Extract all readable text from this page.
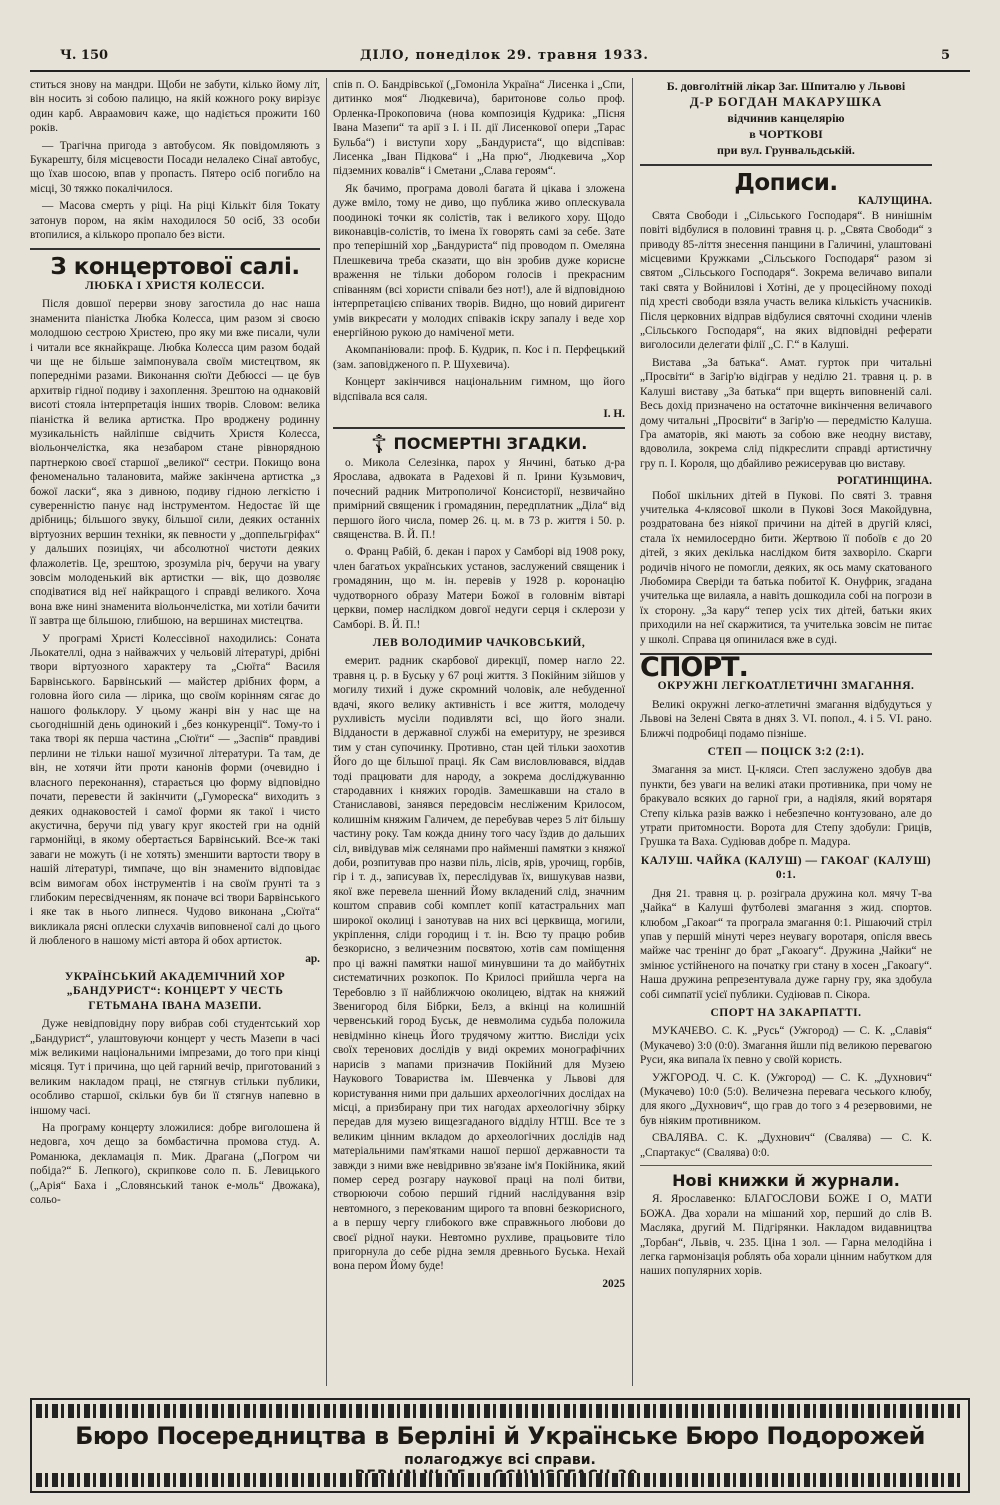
Ч. 150	ДІЛО, понеділок 29. травня 1933.	5

ститься знову на мандри. Щоби не забути, кілько йому літ, він носить зі собою палицю, на якій кожного року вирізує один карб. Авраамович каже, що надіється прожити 160 років.

— Трагічна пригода з автобусом. Як повідомляють з Букарешту, біля місцевости Посади нелалеко Сінаї автобус, що їхав шосою, впав у пропасть. Пятеро осіб погибло на місці, 30 тяжко покалічилося.

— Масова смерть у ріці. На ріці Кількіт біля Токату затонув пором, на якім находилося 50 осіб, 33 особи втопилися, а кількоро пропало без вісти.

З концертової салі.
ЛЮБКА І ХРИСТЯ КОЛЕССИ.

Після довшої перерви знову загостила до нас наша знаменита піаністка Любка Колесса, цим разом зі своєю молодшою сестрою Христею, про яку ми вже писали, чули і читали все якнайкраще. Любка Колесса цим разом бодай чи ще не більше заімпонувала своїм мистецтвом, як попередніми разами. Виконання сюїти Дебюссі — це був архитвір гідної подиву і захоплення. Зрештою на однаковій висоті стояла інтерпретація інших творів. Словом: велика піаністка й велика артистка. Про вроджену родинну музикальність найліпше свідчить Христя Колесса, віольончелістка, яка незабаром стане рівнорядною партнеркою своєї старшої „великої“ сестри. Покищо вона феноменально талановита, майже закінчена артистка „з божої ласки“, яка з дивною, подиву гідною легкістю і суверенністю панує над інструментом. Недостає їй ще дрібниць; більшого звуку, більшої сили, деяких останніх віртуозних вершин техніки, як певности у „доппельгріфах“ у дальших позиціях, чи абсолютної чистоти деяких флажолетів. Це, зрештою, зрозуміла річ, беручи на увагу зовсім молоденький вік артистки — вік, що дозволяє сподіватися від неї найкращого і справді великого. Хоча вона вже нині знаменита віольончелістка, ми хотіли бачити її завтра ще більшою, глибшою, на вершинах мистецтва.

У програмі Христі Колессівної находились: Соната Льокателлі, одна з найважчих у чельовій літературі, дрібні твори віртуозного характеру та „Сюїта“ Василя Барвінського. Барвінський — майстер дрібних форм, а головна його сила — лірика, що своїм корінням сягає до нашого фольклору. У цьому жанрі він у нас ще на сьогоднішній день одинокий і „без конкуренції“. Тому-то і така творі як перша частина „Сюїти“ — „Заспів“ правдиві перлини не тільки нашої музичної літератури. Та там, де він, не хотячи йти проти канонів форми (очевидно і власного переконання), старається цю форму відповідно почати, перевести й закінчити („Гумореска“ виходить з деяких однаковостей і самої форми як такої і чисто акустична, беручи під увагу круг якостей гри на одній гармонійці, в якому обертається Барвінський. Все-ж такі заваги не можуть (і не хотять) зменшити вартости твору в нашій літературі, тимпаче, що він знаменито відповідає всім вимогам обох інструментів і на своїм ґрунті та з глибоким пересвідченням, як поначе всі твори Барвінського і яке так в нього липнеся. Чудово виконана „Сюїта“ викликала рясні оплески слухачів виповненої салі до цього й любленого в нашому місті автора й обох артисток.

ар.
УКРАЇНСЬКИЙ АКАДЕМІЧНИЙ ХОР „БАНДУРИСТ“: КОНЦЕРТ У ЧЕСТЬ ГЕТЬМАНА ІВАНА МАЗЕПИ.

Дуже невідповідну пору вибрав собі студентський хор „Бандурист“, улаштовуючи концерт у честь Мазепи в часі між великими національними імпрезами, до того при кінці місяця. Тут і причина, що цей гарний вечір, приготований з великим накладом праці, не стягнув стільки публики, особливо старшої, скільки був би її стягнув напевно в іншому часі.

На програму концерту зложилися: добре виголошена й недовга, хоч дещо за бомбастична промова студ. А. Романюка, декламація п. Мик. Драгана („Погром чи побіда?“ Б. Лепкого), скрипкове соло п. Б. Левицького („Арія“ Баха і „Словянський танок е-моль“ Двожака), сольо-

спів п. О. Бандрівської („Гомоніла Україна“ Лисенка і „Спи, дитинко моя“ Людкевича), баритонове сольо проф. Орленка-Прокоповича (нова композиція Кудрика: „Пісня Івана Мазепи“ та арії з I. і II. дії Лисенкової опери „Тарас Бульба“) і виступи хору „Бандуриста“, що відспівав: Лисенка „Іван Підкова“ і „На прю“, Людкевича „Хор підземних ковалів“ і Сметани „Слава героям“.

Як бачимо, програма доволі багата й цікава і зложена дуже вміло, тому не диво, що публика живо оплескувала поодинокі точки як солістів, так і великого хору. Щодо виконавців-солістів, то імена їх говорять самі за себе. Зате про теперішній хор „Бандуриста“ під проводом п. Омеляна Плешкевича треба сказати, що він зробив дуже корисне враження не тільки добором голосів і прекрасним співанням (всі хористи співали без нот!), але й відповідною інтерпретацією співаних творів. Видно, що новий диригент умів викресати у молодих співаків іскру запалу і веде хор енергійною рукою до наміченої мети.

Акомпаніювали: проф. Б. Кудрик, п. Кос і п. Перфецький (зам. заповідженого п. Р. Шухевича).

Концерт закінчився національним гимном, що його відспівала вся саля.

І. Н.
☦ ПОСМЕРТНІ ЗГАДКИ.

о. Микола Селезінка, парох у Янчині, батько д-ра Ярослава, адвоката в Радехові й п. Ірини Кузьмович, почесний радник Митрополичої Консисторії, незвичайно примірний священик і громадянин, передплатник „Діла“ від першого його числа, помер 26. ц. м. в 73 р. життя і 50. р. священства. В. Й. П.!

о. Франц Рабій, б. декан і парох у Самборі від 1908 року, член багатьох українських установ, заслужений священик і громадянин, що м. ін. перевів у 1928 р. коронацію чудотворного образу Матери Божої в головнім вівтарі церкви, помер наслідком довгої недуги серця і склерози у Самборі. В. Й. П.!

ЛЕВ ВОЛОДИМИР ЧАЧКОВСЬКИЙ,

емерит. радник скарбової дирекції, помер нагло 22. травня ц. р. в Буську у 67 році життя. З Покійним зійшов у могилу тихий і дуже скромний чоловік, але небуденної вдачі, якого велику активність і все життя, молодечу рухливість мусіли подивляти всі, що його знали. Відданости в державної службі на емеритуру, не зрезився тим у стан супочинку. Противно, стан цей тільки заохотив Його до ще більшої праці. Як Сам висловлювався, віддав тоді працювати для народу, а зокрема досліджуванню стародавних і княжих городів. Замешкавши на стало в Станиславові, занявся передовсім несліженим Крилосом, колишнім княжим Галичем, де перебував через 5 літ більшу частину року. Там кожда днину того часу їздив до дальших сіл, вивідував між селянами про найменші памятки з княжої доби, розпитував про назви піль, лісів, ярів, урочищ, горбів, гір і т. д., записував їх, переслідував їх, вишукував назви, якої вже перевела шенний Йому вкладений слід, значним коштом справив собі комплет копії катастральних мап широкої околиці і занотував на них всі церквища, могили, укріплення, сліди городищ і т. ін. Всю ту працю робив безкорисно, з величезним посвятою, хотів сам поміщення про ці важні памятки нашої минувшини та до майбутніх систематичних розкопок. По Крилосі прийшла черга на Теребовлю з її найближчою околицею, відтак на княжий Звенигород біля Бібрки, Белз, а вкінці на колишній червенський город Буськ, де невмолима судьба положила невідмінно кінець Його трудячому життю. Висліди усіх своїх теренових дослідів у виді окремих монографічних нарисів з мапами призначив Покійний для Музею Наукового Товариства ім. Шевченка у Львові для користування ними при дальших археологічних дослідах на місці, а призбирану при тих нагодах археологічну збірку передав для музею вищезгаданого відділу НТШ. Все те з великим цінним вкладом до археологічних дослідів над матеріальними пам'ятками нашої першої державности та завжди з ними вже невідривно зв'язане ім'я Покійника, який помер серед розгару наукової праці на полі битви, створюючи собою перший гідний наслідування взір невтомного, з перекованим щирого та вповні безкорисного, а в першу чергу глибокого вже справжнього любови до своєї рідної науки. Невтомно рухливе, працьовите тіло пригорнула до себе рідна земля древнього Буська. Нехай вона пером Йому буде!

2025
Б. довголітній лікар Заг. Шпиталю у Львові
Д-Р БОГДАН МАКАРУШКА
відчинив канцелярію
в ЧОРТКОВІ
при вул. Грунвальдській.
Дописи.
КАЛУЩИНА.

Свята Свободи і „Сільського Господаря“. В нинішнім повіті відбулися в половині травня ц. р. „Свята Свободи“ з приводу 85-ліття знесення панщини в Галичині, улаштовані місцевими Кружками „Сільського Господаря“ разом зі святом „Сільського Господаря“. Зокрема величаво випали такі свята у Войнилові і Хотіні, де у процесійному поході під хресті свободи взяла участь велика кількість учасників. Після церковних відправ відбулися святочні сходини членів „Сільського Господаря“, на яких відповідні реферати виголосили делегати філії „С. Г.“ в Калуші.

Вистава „За батька“. Амат. гурток при читальні „Просвіти“ в Загір'ю відіграв у неділю 21. травня ц. р. в Калуші виставу „За батька“ при вщерть виповненій салі. Весь дохід призначено на остаточне викінчення величавого дому читальні „Просвіти“ в Загір'ю — передмістю Калуша. Гра аматорів, які мають за собою вже неодну виставу, вдоволила, зокрема слід підкреслити справді артистичну гру п. І. Короля, що дбайливо режисерував цю виставу.

РОГАТИНЩИНА.

Побої шкільних дітей в Пукові. По святі 3. травня учителька 4-клясової школи в Пукові Зося Макойдувна, роздратована без ніякої причини на дітей в другій клясі, стала їх немилосердно бити. Жертвою її побоїв є до 20 дітей, з яких декілька наслідком битя захворіло. Скарги родичів нічого не помогли, деяких, як ось маму скатованого Любомира Сверіди та батька побитої К. Онуфрик, згадана учителька ще вилаяла, а навіть дошкодила собі на погрози в їх сторону. „За кару“ тепер усіх тих дітей, батьки яких приходили на неї скаржитися, та учителька зовсім не питає у школі. Справа ця опинилася вже в суді.

СПОРТ.
ОКРУЖНІ ЛЕГКОАТЛЕТИЧНІ ЗМАГАННЯ.

Великі окружні легко-атлетичні змагання відбудуться у Львові на Зелені Свята в днях 3. VI. попол., 4. і 5. VI. рано. Ближчі подробиці подамо пізніше.

СТЕП — ПОЦІСК 3:2 (2:1).

Змагання за мист. Ц-кляси. Степ заслужено здобув два пункти, без уваги на великі атаки противника, при чому не бракувало всяких до гарної гри, а надіяля, який ворятаря Степу кілька разів важко і небезпечно контузовано, але до утрати притомности. Ворота для Степу здобули: Гриців, Грушка та Ваха. Судіював добре п. Мадура.

КАЛУШ. ЧАЙКА (КАЛУШ) — ГАКОАГ (КАЛУШ) 0:1.

Дня 21. травня ц. р. розіграла дружина кол. мячу Т-ва „Чайка“ в Калуші футболеві змагання з жид. спортов. клюбом „Гакоаг“ та програла змагання 0:1. Рішаючий стріл упав у першій мінуті через неувагу воротаря, опісля ввесь майже час тренінг до брат „Гакоагу“. Дружина „Чайки“ не змінює устійненого на початку гри стану в хосен „Гакоагу“. Наша дружина репрезентувала дуже гарну гру, яка здобула собі симпатії усієї публики. Судіював п. Сікора.

СПОРТ НА ЗАКАРПАТТІ.

МУКАЧЕВО. С. К. „Русь“ (Ужгород) — С. К. „Славія“ (Мукачево) 3:0 (0:0). Змагання йшли під великою перевагою Руси, яка випала їх певно у своїй користь.

УЖГОРОД. Ч. С. К. (Ужгород) — С. К. „Духнович“ (Мукачево) 10:0 (5:0). Величезна перевага чеського клюбу, для якого „Духнович“, що грав до того з 4 резервовими, не був ніяким противником.

СВАЛЯВА. С. К. „Духнович“ (Свалява) — С. К. „Спартакус“ (Свалява) 0:0.

Нові книжки й журнали.

Я. Ярославенко: БЛАГОСЛОВИ БОЖЕ І О, МАТИ БОЖА. Два хорали на мішаний хор, перший до слів В. Масляка, другий М. Підгірянки. Накладом видавництва „Торбан“, Львів, ч. 235. Ціна 1 зол. — Гарна мелодійна і легка гармонізація роблять оба хорали цінним набутком для наших популярних хорів.

Бюро Посередництва в Берліні й Українське Бюро Подорожей
полагоджує всі справи.
